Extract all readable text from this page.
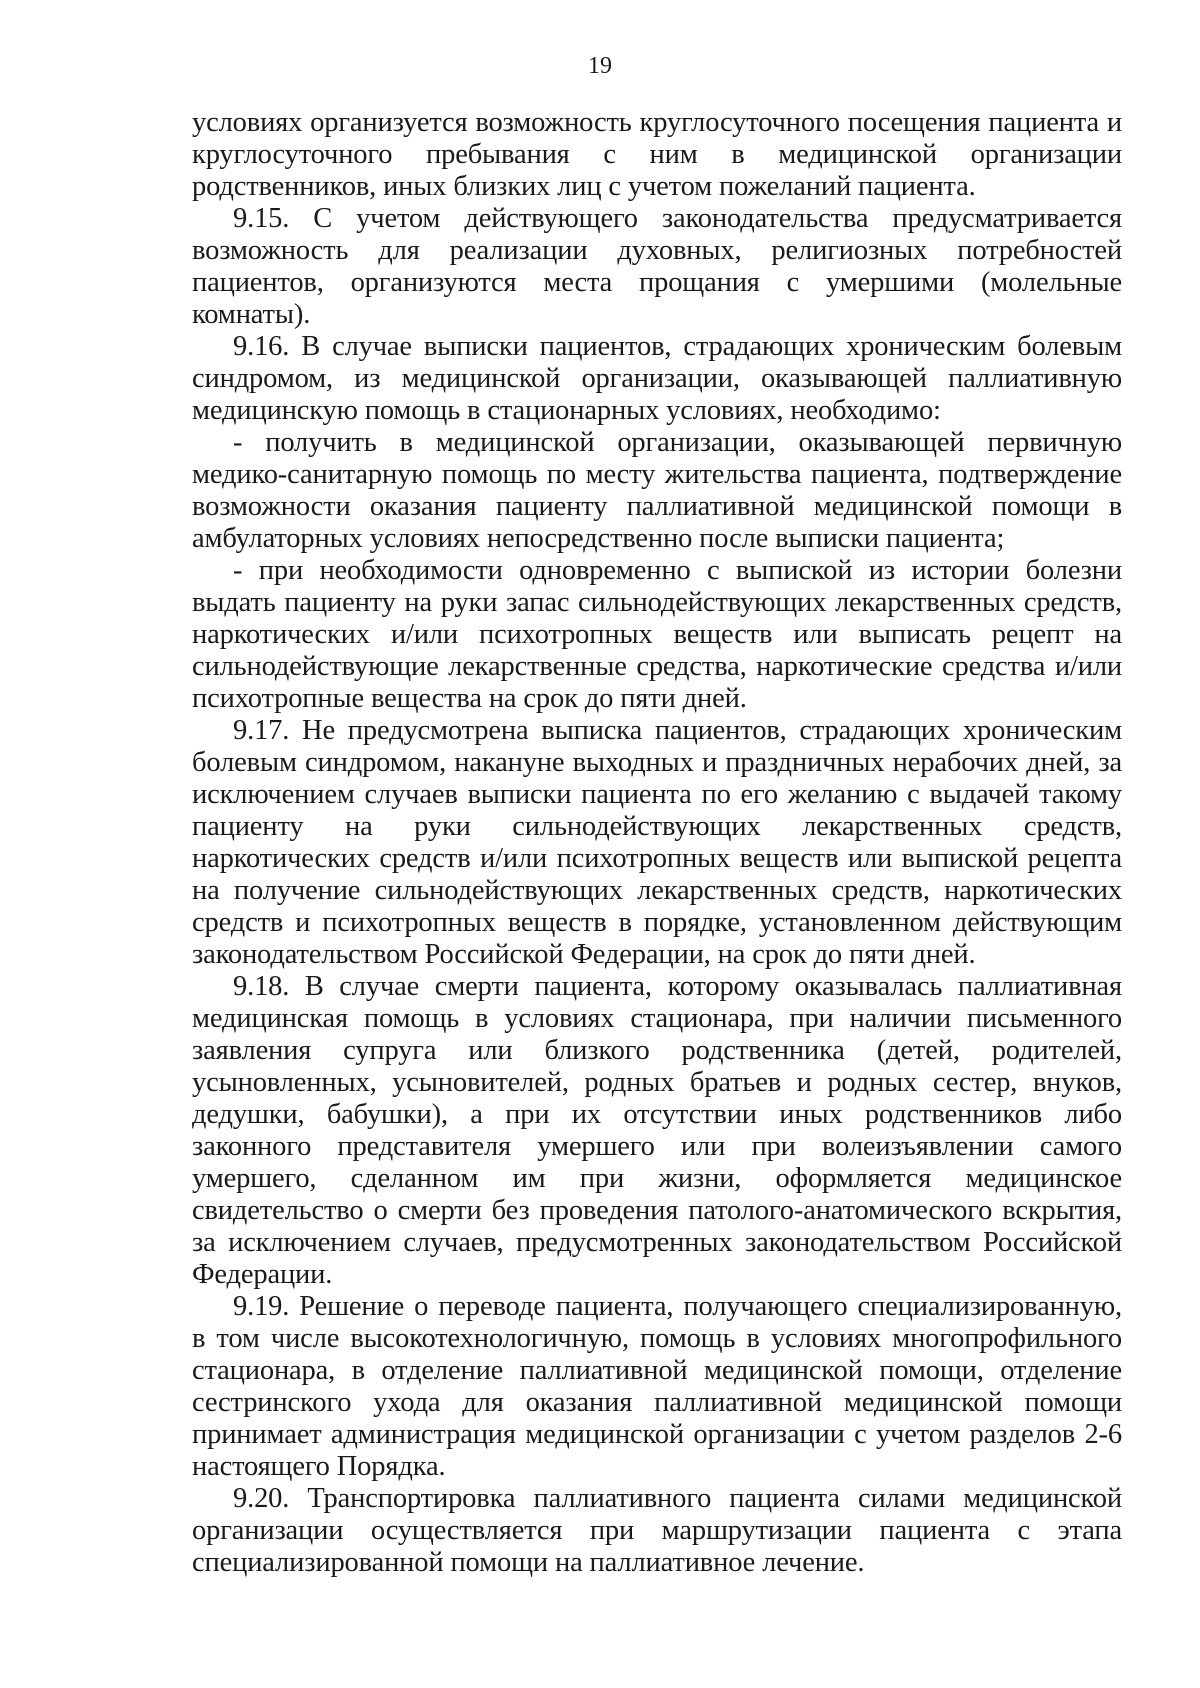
19

условиях организуется возможность круглосуточного посещения пациента и круглосуточного пребывания с ним в медицинской организации родственников, иных близких лиц с учетом пожеланий пациента.

9.15. С учетом действующего законодательства предусматривается возможность для реализации духовных, религиозных потребностей пациентов, организуются места прощания с умершими (молельные комнаты).

9.16. В случае выписки пациентов, страдающих хроническим болевым синдромом, из медицинской организации, оказывающей паллиативную медицинскую помощь в стационарных условиях, необходимо:

- получить в медицинской организации, оказывающей первичную медико-санитарную помощь по месту жительства пациента, подтверждение возможности оказания пациенту паллиативной медицинской помощи в амбулаторных условиях непосредственно после выписки пациента;

- при необходимости одновременно с выпиской из истории болезни выдать пациенту на руки запас сильнодействующих лекарственных средств, наркотических и/или психотропных веществ или выписать рецепт на сильнодействующие лекарственные средства, наркотические средства и/или психотропные вещества на срок до пяти дней.

9.17. Не предусмотрена выписка пациентов, страдающих хроническим болевым синдромом, накануне выходных и праздничных нерабочих дней, за исключением случаев выписки пациента по его желанию с выдачей такому пациенту на руки сильнодействующих лекарственных средств, наркотических средств и/или психотропных веществ или выпиской рецепта на получение сильнодействующих лекарственных средств, наркотических средств и психотропных веществ в порядке, установленном действующим законодательством Российской Федерации, на срок до пяти дней.

9.18. В случае смерти пациента, которому оказывалась паллиативная медицинская помощь в условиях стационара, при наличии письменного заявления супруга или близкого родственника (детей, родителей, усыновленных, усыновителей, родных братьев и родных сестер, внуков, дедушки, бабушки), а при их отсутствии иных родственников либо законного представителя умершего или при волеизъявлении самого умершего, сделанном им при жизни, оформляется медицинское свидетельство о смерти без проведения патолого-анатомического вскрытия, за исключением случаев, предусмотренных законодательством Российской Федерации.

9.19. Решение о переводе пациента, получающего специализированную, в том числе высокотехнологичную, помощь в условиях многопрофильного стационара, в отделение паллиативной медицинской помощи, отделение сестринского ухода для оказания паллиативной медицинской помощи принимает администрация медицинской организации с учетом разделов 2-6 настоящего Порядка.

9.20. Транспортировка паллиативного пациента силами медицинской организации осуществляется при маршрутизации пациента с этапа специализированной помощи на паллиативное лечение.
